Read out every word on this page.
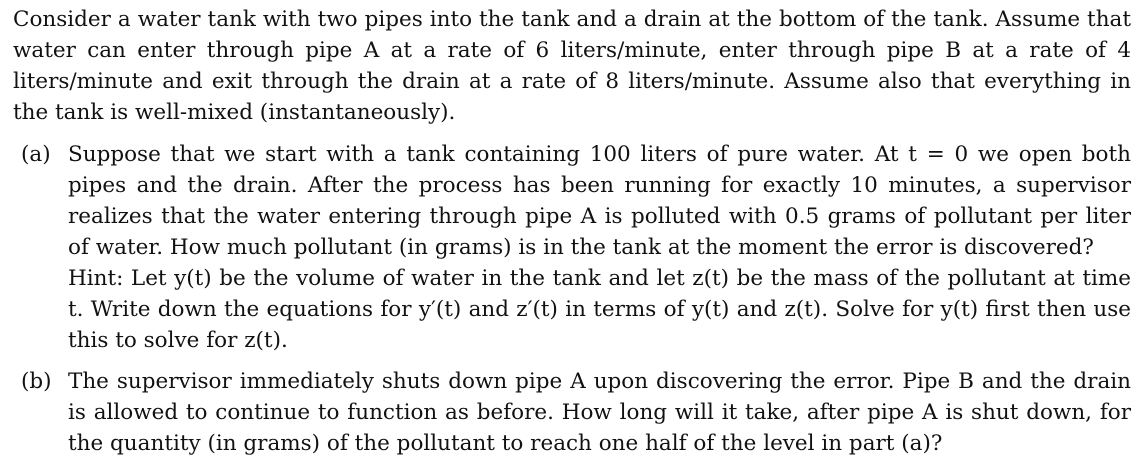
Consider a water tank with two pipes into the tank and a drain at the bottom of the tank. Assume that water can enter through pipe A at a rate of 6 liters/minute, enter through pipe B at a rate of 4 liters/minute and exit through the drain at a rate of 8 liters/minute. Assume also that everything in the tank is well-mixed (instantaneously).

(a) Suppose that we start with a tank containing 100 liters of pure water. At t = 0 we open both pipes and the drain. After the process has been running for exactly 10 minutes, a supervisor realizes that the water entering through pipe A is polluted with 0.5 grams of pollutant per liter of water. How much pollutant (in grams) is in the tank at the moment the error is discovered?

Hint: Let y(t) be the volume of water in the tank and let z(t) be the mass of the pollutant at time t. Write down the equations for y′(t) and z′(t) in terms of y(t) and z(t). Solve for y(t) first then use this to solve for z(t).

(b) The supervisor immediately shuts down pipe A upon discovering the error. Pipe B and the drain is allowed to continue to function as before. How long will it take, after pipe A is shut down, for the quantity (in grams) of the pollutant to reach one half of the level in part (a)?
